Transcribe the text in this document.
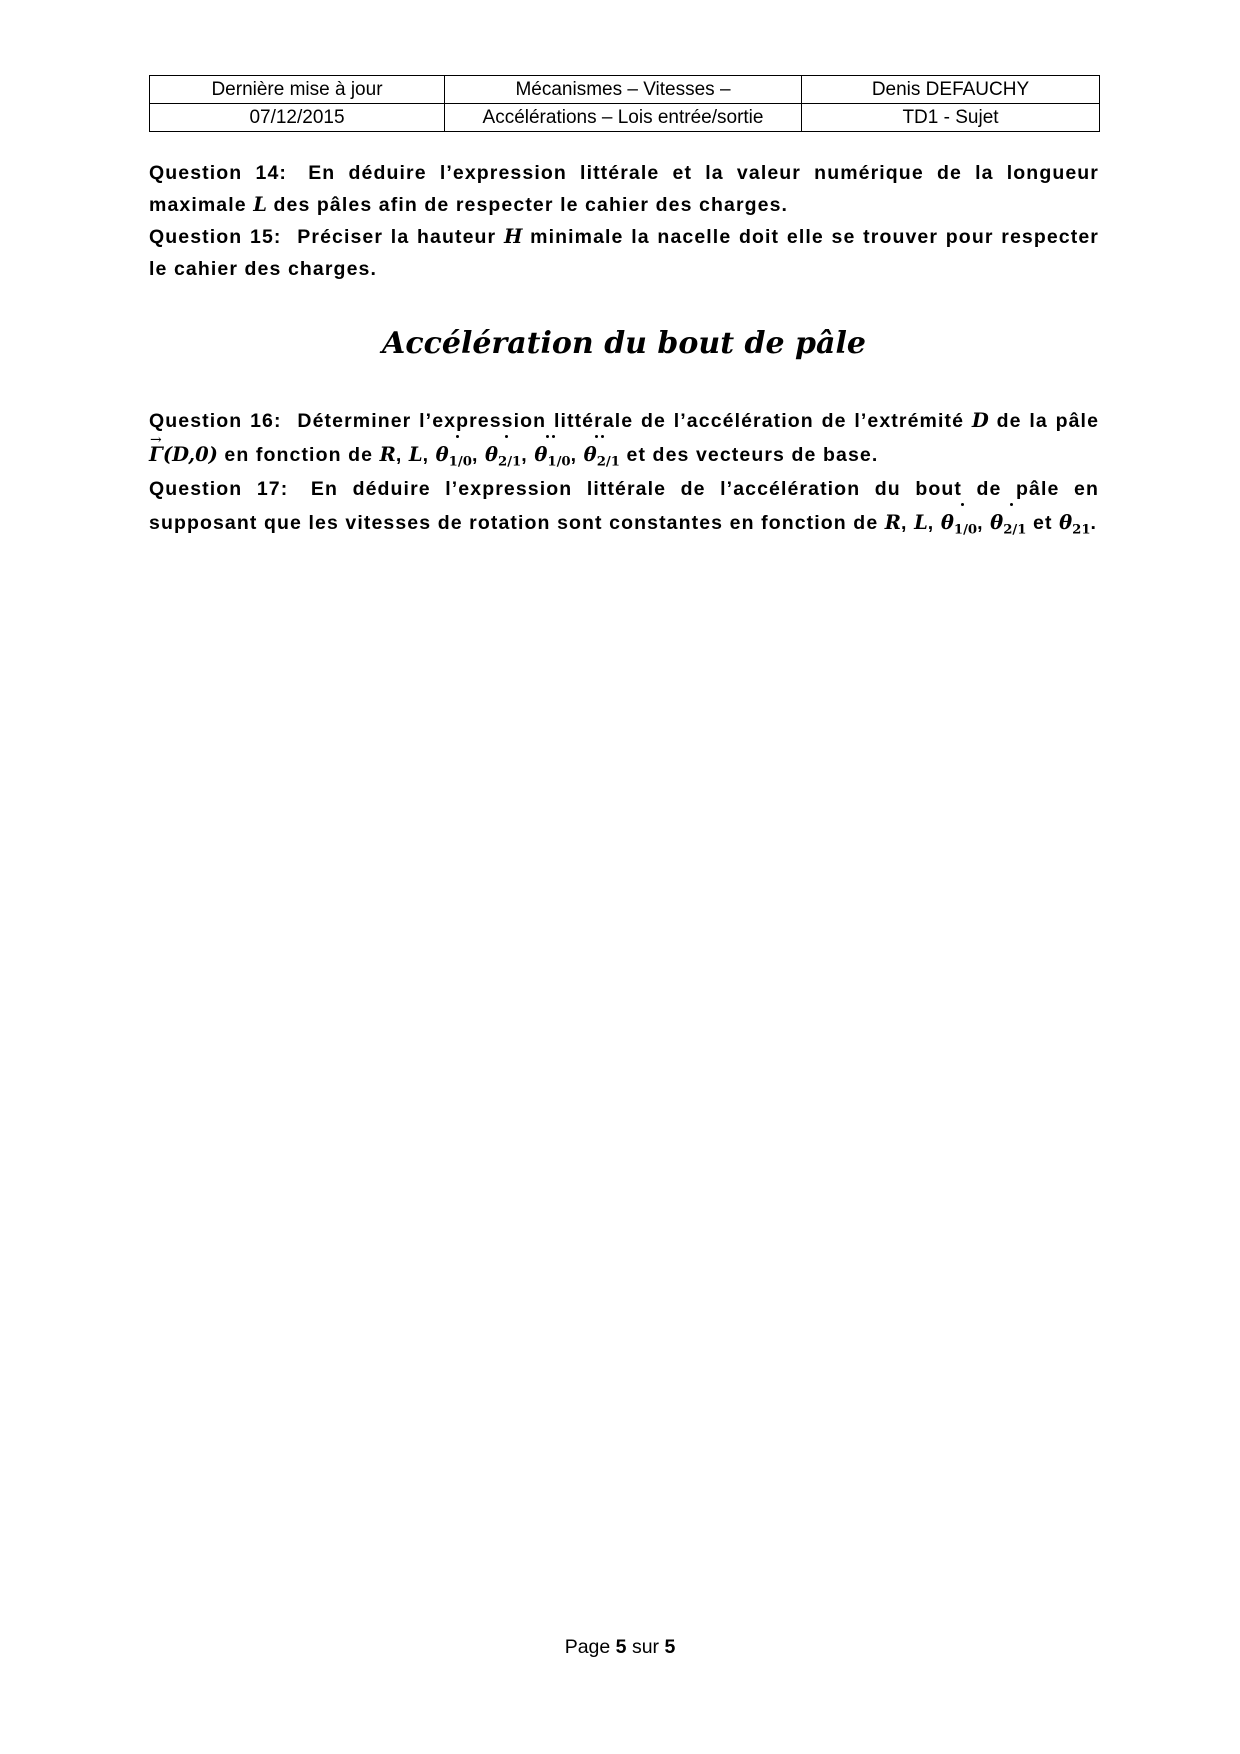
Dernière mise à jour	Mécanismes – Vitesses –	Denis DEFAUCHY
07/12/2015	Accélérations – Lois entrée/sortie	TD1 - Sujet

Question 14: En déduire l’expression littérale et la valeur numérique de la longueur maximale L des pâles afin de respecter le cahier des charges.

Question 15: Préciser la hauteur H minimale la nacelle doit elle se trouver pour respecter le cahier des charges.

Accélération du bout de pâle

Question 16: Déterminer l’expression littérale de l’accélération de l’extrémité D de la pâle → Γ(D,0) en fonction de R, L, $\theta_{1/0}$, $\theta_{2/1}$, $\theta_{1/0}$, $\theta_{2/1}$ et des vecteurs de base.

Question 17: En déduire l’expression littérale de l’accélération du bout de pâle en supposant que les vitesses de rotation sont constantes en fonction de R, L, $\theta_{1/0}$, $\theta_{2/1}$ et $\theta_{21}$.

Page 5 sur 5
